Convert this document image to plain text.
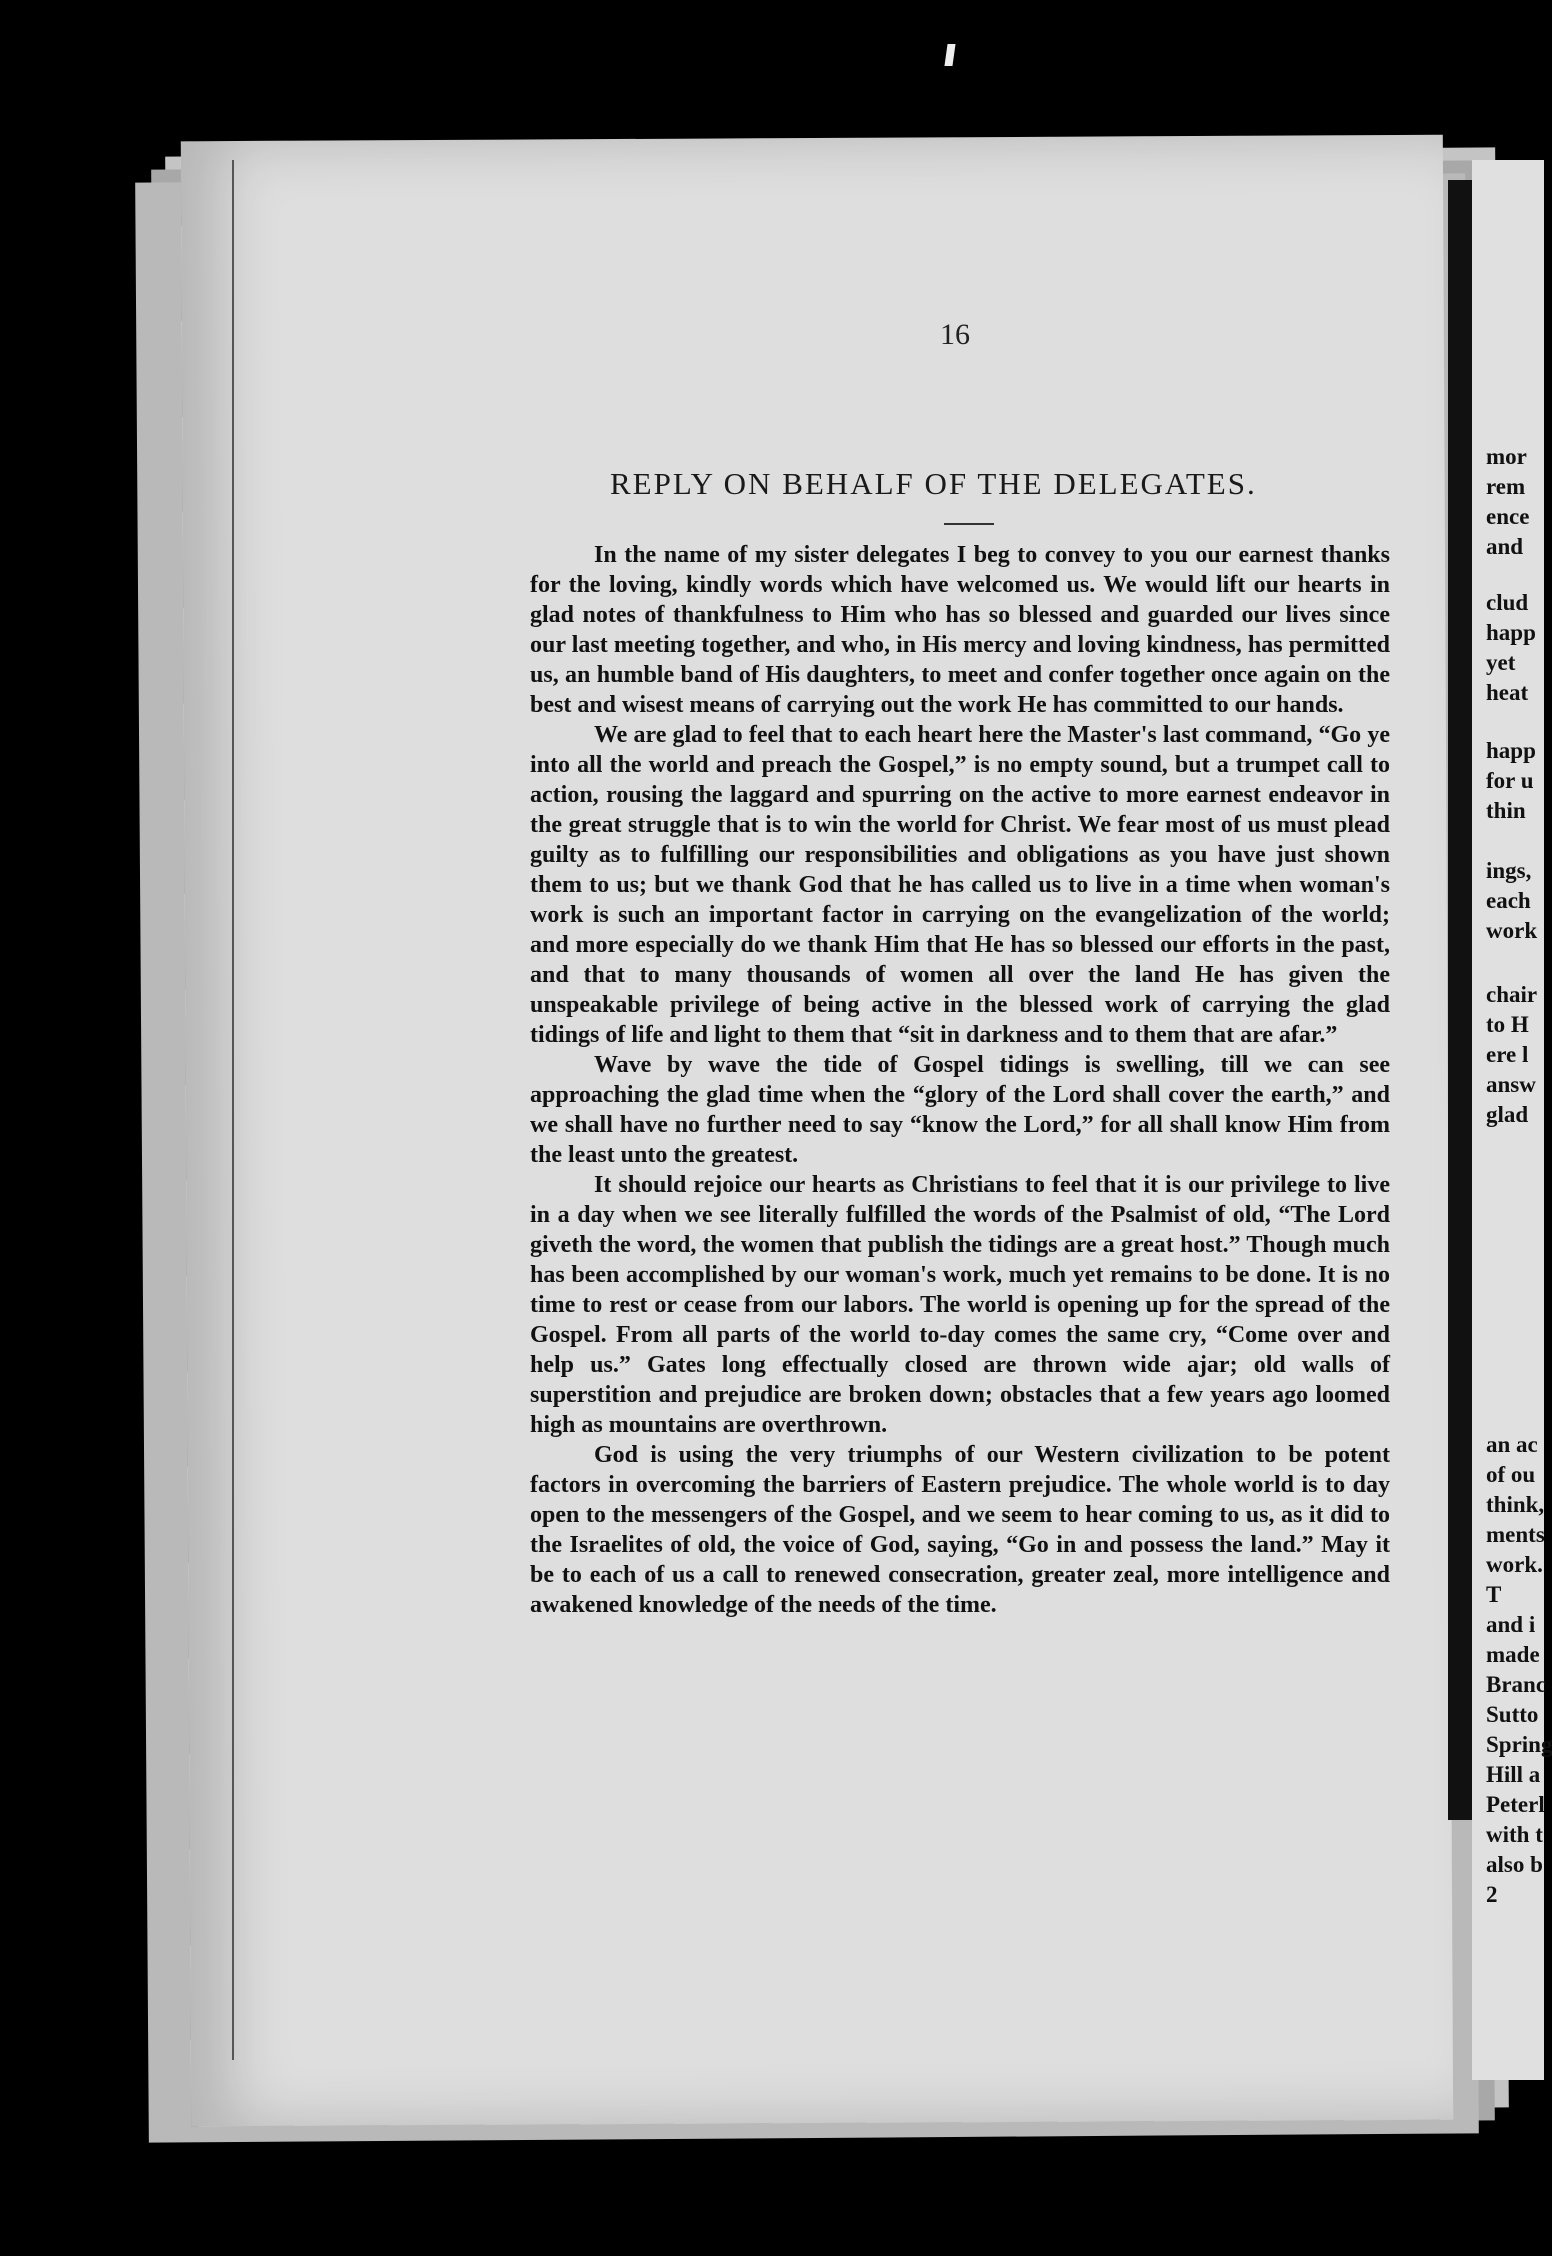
16
REPLY ON BEHALF OF THE DELEGATES.

In the name of my sister delegates I beg to convey to you our earnest thanks for the loving, kindly words which have welcomed us. We would lift our hearts in glad notes of thankfulness to Him who has so blessed and guarded our lives since our last meeting together, and who, in His mercy and loving kindness, has permitted us, an humble band of His daughters, to meet and confer together once again on the best and wisest means of carrying out the work He has committed to our hands.

We are glad to feel that to each heart here the Master's last command, “Go ye into all the world and preach the Gospel,” is no empty sound, but a trumpet call to action, rousing the laggard and spurring on the active to more earnest endeavor in the great struggle that is to win the world for Christ. We fear most of us must plead guilty as to fulfilling our responsibilities and obligations as you have just shown them to us; but we thank God that he has called us to live in a time when woman's work is such an important factor in carrying on the evangelization of the world; and more especially do we thank Him that He has so blessed our efforts in the past, and that to many thousands of women all over the land He has given the unspeakable privilege of being active in the blessed work of carrying the glad tidings of life and light to them that “sit in darkness and to them that are afar.”

Wave by wave the tide of Gospel tidings is swelling, till we can see approaching the glad time when the “glory of the Lord shall cover the earth,” and we shall have no further need to say “know the Lord,” for all shall know Him from the least unto the greatest.

It should rejoice our hearts as Christians to feel that it is our privilege to live in a day when we see literally fulfilled the words of the Psalmist of old, “The Lord giveth the word, the women that publish the tidings are a great host.” Though much has been accomplished by our woman's work, much yet remains to be done. It is no time to rest or cease from our labors. The world is opening up for the spread of the Gospel. From all parts of the world to-day comes the same cry, “Come over and help us.” Gates long effectually closed are thrown wide ajar; old walls of superstition and prejudice are broken down; obstacles that a few years ago loomed high as mountains are overthrown.

God is using the very triumphs of our Western civilization to be potent factors in overcoming the barriers of Eastern prejudice. The whole world is to day open to the messengers of the Gospel, and we seem to hear coming to us, as it did to the Israelites of old, the voice of God, saying, “Go in and possess the land.” May it be to each of us a call to renewed consecration, greater zeal, more intelligence and awakened knowledge of the needs of the time.

mor
rem
ence
and
clud
happ
yet
heat
happ
for u
thin
ings,
each
work
chair
to H
ere l
answ
glad
an ac
of ou
think,
ments
work.
T
and i
made
Branc
Sutto
Spring
Hill a
Peterl
with t
also b
2
